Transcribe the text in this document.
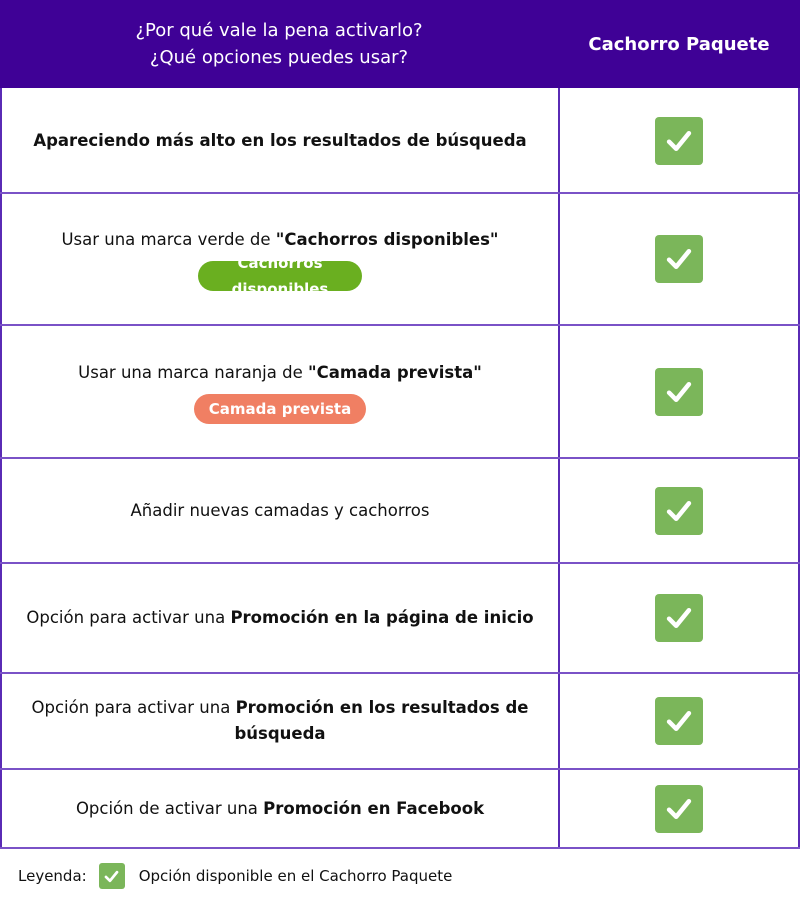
¿Por qué vale la pena activarlo?
¿Qué opciones puedes usar?
Cachorro Paquete
Apareciendo más alto en los resultados de búsqueda
Usar una marca verde de "Cachorros disponibles"
Cachorros disponibles
Usar una marca naranja de "Camada prevista"
Camada prevista
Añadir nuevas camadas y cachorros
Opción para activar una Promoción en la página de inicio
Opción para activar una Promoción en los resultados de búsqueda
Opción de activar una Promoción en Facebook
Leyenda:	Opción disponible en el Cachorro Paquete
